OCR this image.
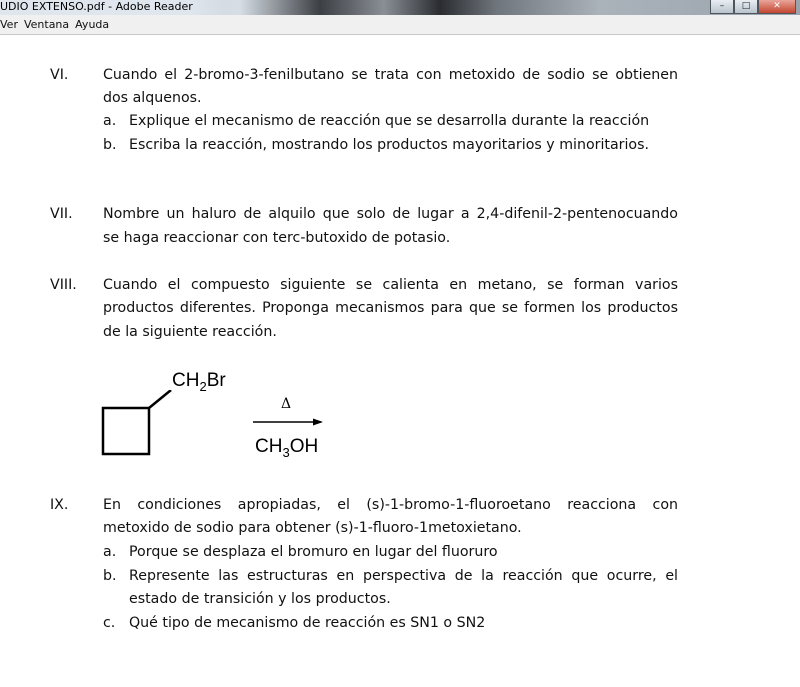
UDIO EXTENSO.pdf - Adobe Reader	–	□	✕
Ver Ventana Ayuda
VI. Cuando el 2-bromo-3-fenilbutano se trata con metoxido de sodio se obtienen
dos alquenos.
a. Explique el mecanismo de reacción que se desarrolla durante la reacción
b. Escriba la reacción, mostrando los productos mayoritarios y minoritarios.
VII. Nombre un haluro de alquilo que solo de lugar a 2,4-difenil-2-pentenocuando
se haga reaccionar con terc-butoxido de potasio.
VIII. Cuando el compuesto siguiente se calienta en metano, se forman varios
productos diferentes. Proponga mecanismos para que se formen los productos
de la siguiente reacción.
$CH_2Br$
Δ
$CH_3OH$
IX. En condiciones apropiadas, el (s)-1-bromo-1-fluoroetano reacciona con
metoxido de sodio para obtener (s)-1-fluoro-1metoxietano.
a. Porque se desplaza el bromuro en lugar del fluoruro
b. Represente las estructuras en perspectiva de la reacción que ocurre, el
estado de transición y los productos.
c. Qué tipo de mecanismo de reacción es SN1 o SN2
